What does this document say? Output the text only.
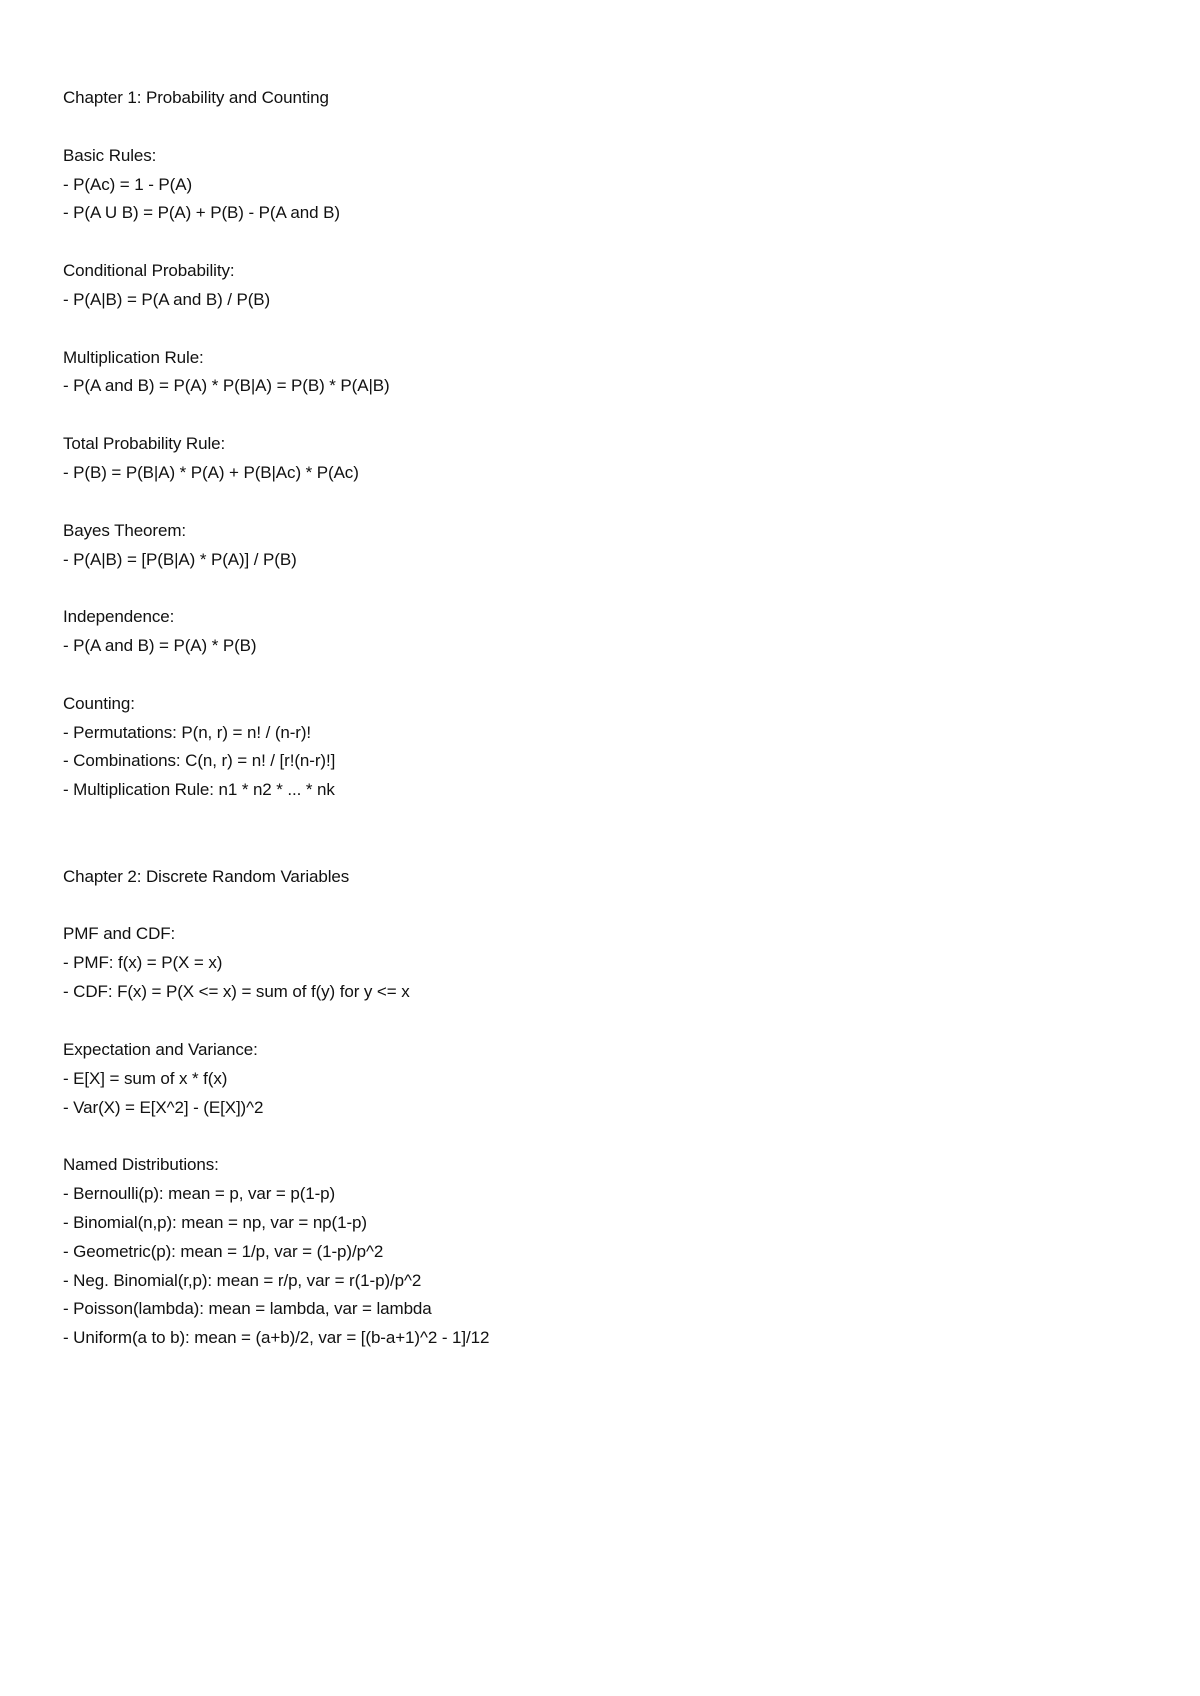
Chapter 1: Probability and Counting
Basic Rules:
- P(Ac) = 1 - P(A)
- P(A U B) = P(A) + P(B) - P(A and B)
Conditional Probability:
- P(A|B) = P(A and B) / P(B)
Multiplication Rule:
- P(A and B) = P(A) * P(B|A) = P(B) * P(A|B)
Total Probability Rule:
- P(B) = P(B|A) * P(A) + P(B|Ac) * P(Ac)
Bayes Theorem:
- P(A|B) = [P(B|A) * P(A)] / P(B)
Independence:
- P(A and B) = P(A) * P(B)
Counting:
- Permutations: P(n, r) = n! / (n-r)!
- Combinations: C(n, r) = n! / [r!(n-r)!]
- Multiplication Rule: n1 * n2 * ... * nk
Chapter 2: Discrete Random Variables
PMF and CDF:
- PMF: f(x) = P(X = x)
- CDF: F(x) = P(X <= x) = sum of f(y) for y <= x
Expectation and Variance:
- E[X] = sum of x * f(x)
- Var(X) = E[X^2] - (E[X])^2
Named Distributions:
- Bernoulli(p): mean = p, var = p(1-p)
- Binomial(n,p): mean = np, var = np(1-p)
- Geometric(p): mean = 1/p, var = (1-p)/p^2
- Neg. Binomial(r,p): mean = r/p, var = r(1-p)/p^2
- Poisson(lambda): mean = lambda, var = lambda
- Uniform(a to b): mean = (a+b)/2, var = [(b-a+1)^2 - 1]/12
